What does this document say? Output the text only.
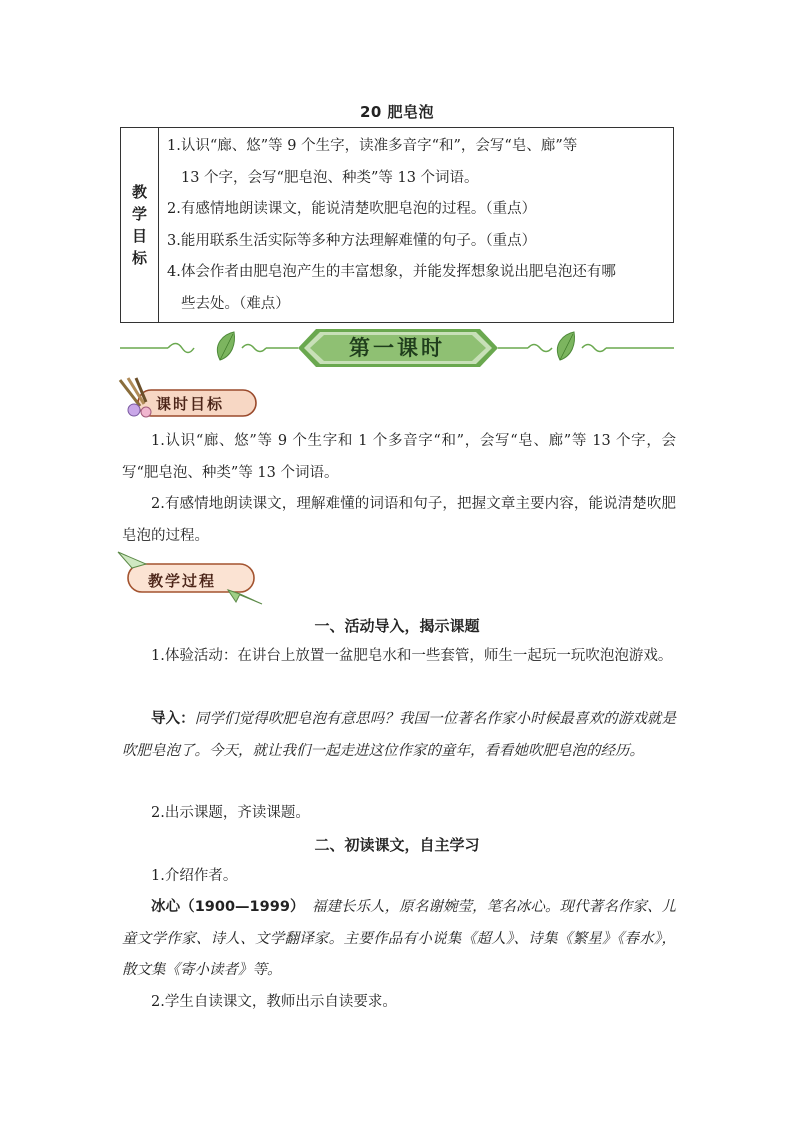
20 肥皂泡
教
学
目
标

1.认识“廊、悠”等 9 个生字，读准多音字“和”，会写“皂、廊”等
13 个字，会写“肥皂泡、种类”等 13 个词语。
2.有感情地朗读课文，能说清楚吹肥皂泡的过程。（重点）
3.能用联系生活实际等多种方法理解难懂的句子。（重点）
4.体会作者由肥皂泡产生的丰富想象，并能发挥想象说出肥皂泡还有哪
些去处。（难点）
第一课时
课时目标
1.认识“廊、悠”等 9 个生字和 1 个多音字“和”，会写“皂、廊”等 13 个字，会写“肥皂泡、种类”等 13 个词语。
2.有感情地朗读课文，理解难懂的词语和句子，把握文章主要内容，能说清楚吹肥皂泡的过程。
教学过程
一、活动导入，揭示课题
1.体验活动：在讲台上放置一盆肥皂水和一些套管，师生一起玩一玩吹泡泡游戏。
导入：同学们觉得吹肥皂泡有意思吗？我国一位著名作家小时候最喜欢的游戏就是吹肥皂泡了。今天，就让我们一起走进这位作家的童年，看看她吹肥皂泡的经历。
2.出示课题，齐读课题。
二、初读课文，自主学习
1.介绍作者。
冰心（1900—1999）　 福建长乐人，原名谢婉莹，笔名冰心。现代著名作家、儿童文学作家、诗人、文学翻译家。主要作品有小说集《超人》、诗集《繁星》《春水》，散文集《寄小读者》等。
2.学生自读课文，教师出示自读要求。
